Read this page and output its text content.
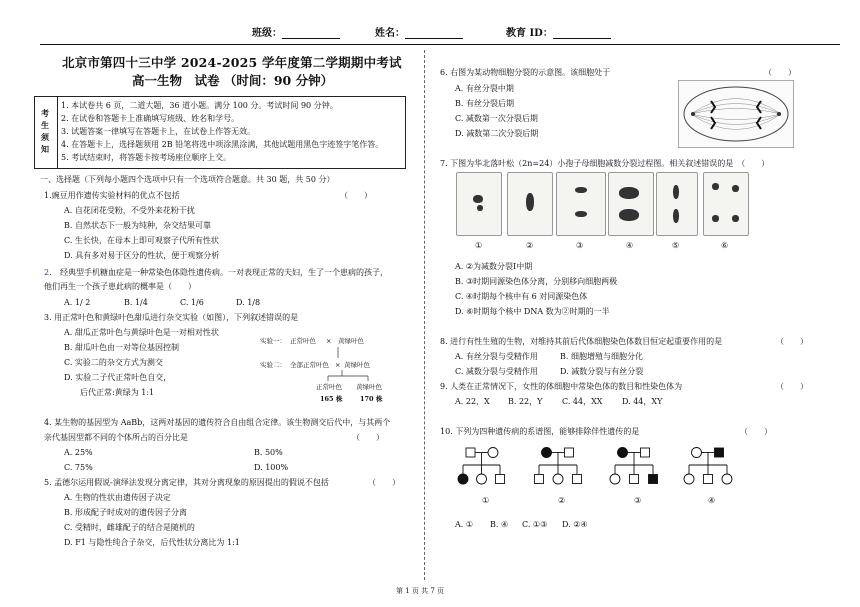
班级：	姓名：	教育 ID：
北京市第四十三中学 2024-2025 学年度第二学期期中考试
高一生物　试卷 （时间：90 分钟）
考
生
须
知
1. 本试卷共 6 页，二道大题，36 道小题。满分 100 分。考试时间 90 分钟。
2. 在试卷和答题卡上准确填写班级、姓名和学号。
3. 试题答案一律填写在答题卡上，在试卷上作答无效。
4. 在答题卡上，选择题须用 2B 铅笔将选中项涂黑涂满，其他试题用黑色字迹签字笔作答。
5. 考试结束时，将答题卡按考场座位顺序上交。
一、选择题（下列每小题四个选项中只有一个选项符合题意。共 30 题，共 50 分）
1.豌豆用作遗传实验材料的优点不包括	（　　）
A. 自花闭花受粉，不受外来花粉干扰
B. 自然状态下一般为纯种，杂交结果可靠
C. 生长快，在母本上即可观察子代所有性状
D. 具有多对易于区分的性状，便于观察分析
2. 经典型手机糖血症是一种常染色体隐性遗传病。一对表现正常的夫妇，生了一个患病的孩子，
他们再生一个孩子患此病的概率是（　　）
A. 1/ 2	B. 1/4	C. 1/6	D. 1/8
3. 用正常叶色和黄绿叶色甜瓜进行杂交实验（如图），下列叙述错误的是
A. 甜瓜正常叶色与黄绿叶色是一对相对性状
B. 甜瓜叶色由一对等位基因控制
C. 实验二的杂交方式为测交
D. 实验二子代正常叶色自交，
后代正常:黄绿为 1:1
实验一： 正常叶色 × 黄绿叶色
实验二： 全部正常叶色 × 黄绿叶色
正常叶色 黄绿叶色
165 株	170 株
4. 某生物的基因型为 AaBb，这两对基因的遗传符合自由组合定律。该生物测交后代中，与其两个
亲代基因型都不同的个体所占的百分比是	（　　）
A. 25%	B. 50%
C. 75%	D. 100%
5. 孟德尔运用假说-演绎法发现分离定律，其对分离现象的原因提出的假说不包括	（　　）
A. 生物的性状由遗传因子决定
B. 形成配子时成对的遗传因子分离
C. 受精时，雌雄配子的结合是随机的
D. F1 与隐性纯合子杂交，后代性状分离比为 1:1
6. 右图为某动物细胞分裂的示意图。该细胞处于	（　　）
A. 有丝分裂中期
B. 有丝分裂后期
C. 减数第一次分裂后期
D. 减数第二次分裂后期
7. 下图为华北落叶松（2n=24）小孢子母细胞减数分裂过程图。相关叙述错误的是　（　　）
①	②	③	④	⑤	⑥
A. ②为减数分裂Ⅰ中期
B. ③时期同源染色体分离，分别移向细胞两极
C. ④时期每个核中有 6 对同源染色体
D. ⑥时期每个核中 DNA 数为②时期的一半
8. 进行有性生殖的生物，对维持其前后代体细胞染色体数目恒定起重要作用的是	（　　）
A. 有丝分裂与受精作用	B. 细胞增殖与细胞分化
C. 减数分裂与受精作用	D. 减数分裂与有丝分裂
9. 人类在正常情况下，女性的体细胞中常染色体的数目和性染色体为	（　　）
A. 22，X B. 22，Y C. 44，XX D. 44，XY
10. 下列为四种遗传病的系谱图，能够排除伴性遗传的是	（　　）
①	②	③	④
A. ① B. ④ C. ①③ D. ②④
第 1 页 共 7 页
